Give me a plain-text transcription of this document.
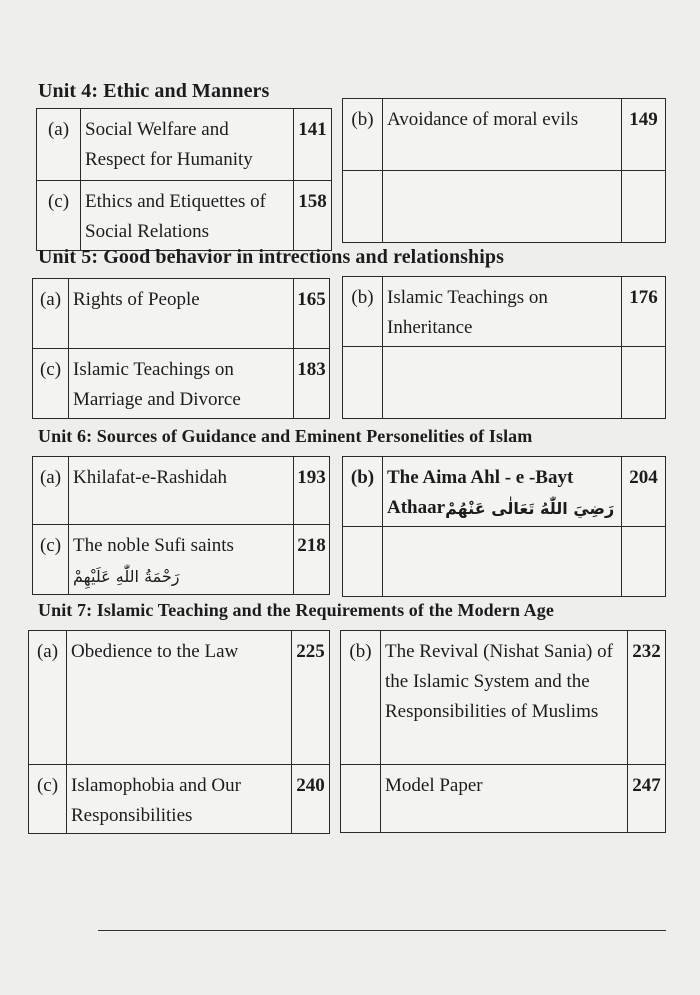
Unit 4: Ethic and Manners
(a)	Social Welfare and Respect for Humanity	141
(c)	Ethics and Etiquettes of Social Relations	158
(b)	Avoidance of moral evils	149

Unit 5: Good behavior in intrections and relationships
(a)	Rights of People	165
(c)	Islamic Teachings on Marriage and Divorce	183
(b)	Islamic Teachings on Inheritance	176

Unit 6: Sources of Guidance and Eminent Personelities of Islam
(a)	Khilafat-e-Rashidah	193
(c)	The noble Sufi saintsرَحْمَةُ اللّٰهِ عَلَيْهِمْ	218
(b)	The Aima Ahl - e -Bayt Athaarرَضِيَ اللّٰهُ تَعَالٰى عَنْهُمْ	204

Unit 7: Islamic Teaching and the Requirements of the Modern Age
(a)	Obedience to the Law	225
(c)	Islamophobia and Our Responsibilities	240
(b)	The Revival (Nishat Sania) of the Islamic System and the Responsibilities of Muslims	232
	Model Paper	247
